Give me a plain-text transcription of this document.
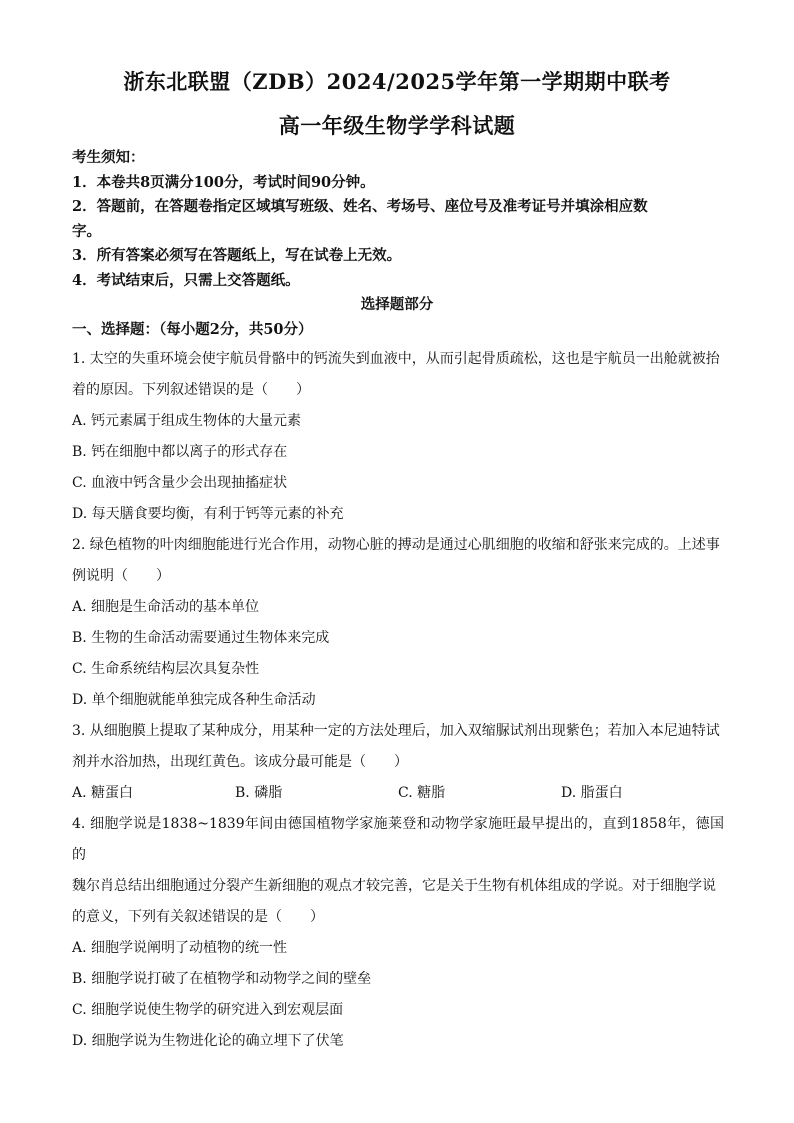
浙东北联盟（ZDB）2024/2025学年第一学期期中联考
高一年级生物学学科试题
考生须知：
1．本卷共8页满分100分，考试时间90分钟。
2．答题前，在答题卷指定区域填写班级、姓名、考场号、座位号及准考证号并填涂相应数
字。
3．所有答案必须写在答题纸上，写在试卷上无效。
4．考试结束后，只需上交答题纸。
选择题部分
一、选择题：（每小题2分，共50分）
1. 太空的失重环境会使宇航员骨骼中的钙流失到血液中，从而引起骨质疏松，这也是宇航员一出舱就被抬
着的原因。下列叙述错误的是（　　）
A. 钙元素属于组成生物体的大量元素
B. 钙在细胞中都以离子的形式存在
C. 血液中钙含量少会出现抽搐症状
D. 每天膳食要均衡，有利于钙等元素的补充
2. 绿色植物的叶肉细胞能进行光合作用，动物心脏的搏动是通过心肌细胞的收缩和舒张来完成的。上述事
例说明（　　）
A. 细胞是生命活动的基本单位
B. 生物的生命活动需要通过生物体来完成
C. 生命系统结构层次具复杂性
D. 单个细胞就能单独完成各种生命活动
3. 从细胞膜上提取了某种成分，用某种一定的方法处理后，加入双缩脲试剂出现紫色；若加入本尼迪特试
剂并水浴加热，出现红黄色。该成分最可能是（　　）
A. 糖蛋白	B. 磷脂	C. 糖脂	D. 脂蛋白
4. 细胞学说是1838~1839年间由德国植物学家施莱登和动物学家施旺最早提出的，直到1858年，德国的
魏尔肖总结出细胞通过分裂产生新细胞的观点才较完善，它是关于生物有机体组成的学说。对于细胞学说
的意义，下列有关叙述错误的是（　　）
A. 细胞学说阐明了动植物的统一性
B. 细胞学说打破了在植物学和动物学之间的壁垒
C. 细胞学说使生物学的研究进入到宏观层面
D. 细胞学说为生物进化论的确立埋下了伏笔
